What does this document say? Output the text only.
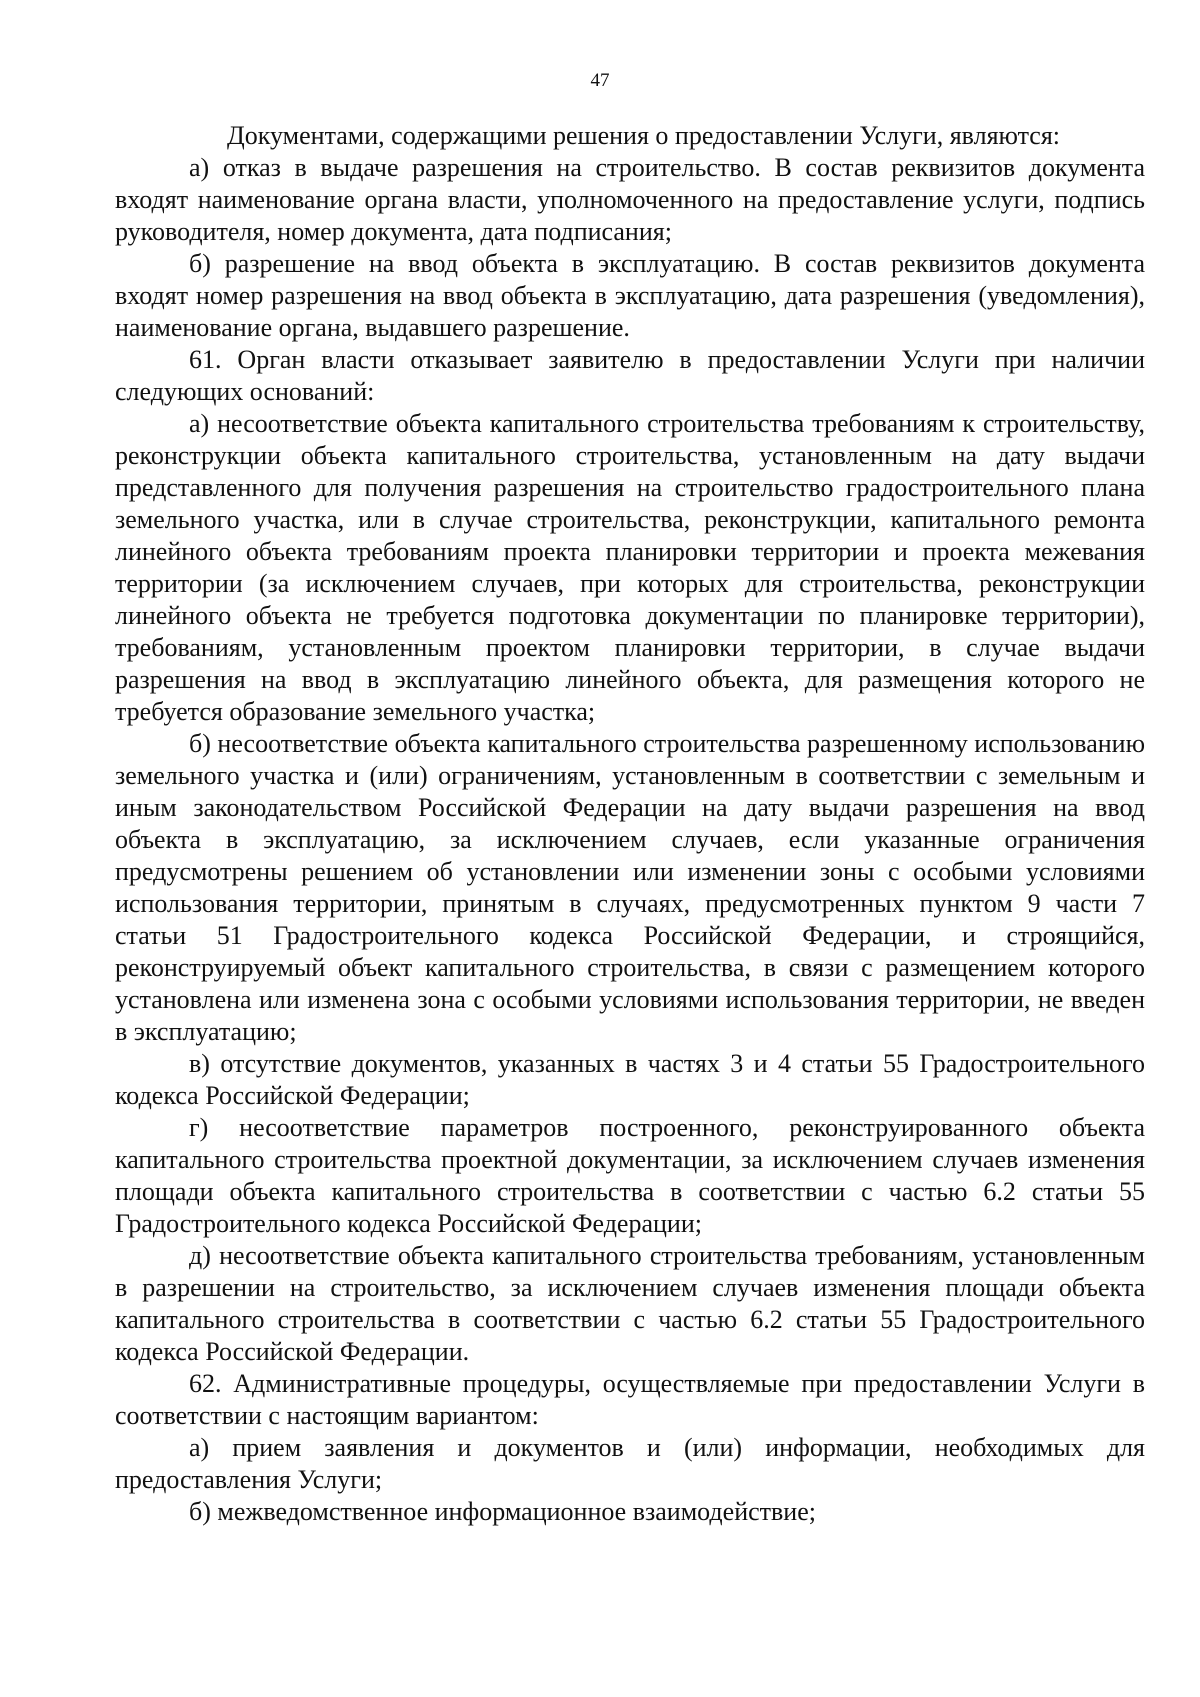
47

Документами, содержащими решения о предоставлении Услуги, являются:

а) отказ в выдаче разрешения на строительство. В состав реквизитов документа входят наименование органа власти, уполномоченного на предоставление услуги, подпись руководителя, номер документа, дата подписания;

б) разрешение на ввод объекта в эксплуатацию. В состав реквизитов документа входят номер разрешения на ввод объекта в эксплуатацию, дата разрешения (уведомления), наименование органа, выдавшего разрешение.

61. Орган власти отказывает заявителю в предоставлении Услуги при наличии следующих оснований:

а) несоответствие объекта капитального строительства требованиям к строительству, реконструкции объекта капитального строительства, установленным на дату выдачи представленного для получения разрешения на строительство градостроительного плана земельного участка, или в случае строительства, реконструкции, капитального ремонта линейного объекта требованиям проекта планировки территории и проекта межевания территории (за исключением случаев, при которых для строительства, реконструкции линейного объекта не требуется подготовка документации по планировке территории), требованиям, установленным проектом планировки территории, в случае выдачи разрешения на ввод в эксплуатацию линейного объекта, для размещения которого не требуется образование земельного участка;

б) несоответствие объекта капитального строительства разрешенному использованию земельного участка и (или) ограничениям, установленным в соответствии с земельным и иным законодательством Российской Федерации на дату выдачи разрешения на ввод объекта в эксплуатацию, за исключением случаев, если указанные ограничения предусмотрены решением об установлении или изменении зоны с особыми условиями использования территории, принятым в случаях, предусмотренных пунктом 9 части 7 статьи 51 Градостроительного кодекса Российской Федерации, и строящийся, реконструируемый объект капитального строительства, в связи с размещением которого установлена или изменена зона с особыми условиями использования территории, не введен в эксплуатацию;

в) отсутствие документов, указанных в частях 3 и 4 статьи 55 Градостроительного кодекса Российской Федерации;

г) несоответствие параметров построенного, реконструированного объекта капитального строительства проектной документации, за исключением случаев изменения площади объекта капитального строительства в соответствии с частью 6.2 статьи 55 Градостроительного кодекса Российской Федерации;

д) несоответствие объекта капитального строительства требованиям, установленным в разрешении на строительство, за исключением случаев изменения площади объекта капитального строительства в соответствии с частью 6.2 статьи 55 Градостроительного кодекса Российской Федерации.

62. Административные процедуры, осуществляемые при предоставлении Услуги в соответствии с настоящим вариантом:

а) прием заявления и документов и (или) информации, необходимых для предоставления Услуги;

б) межведомственное информационное взаимодействие;
